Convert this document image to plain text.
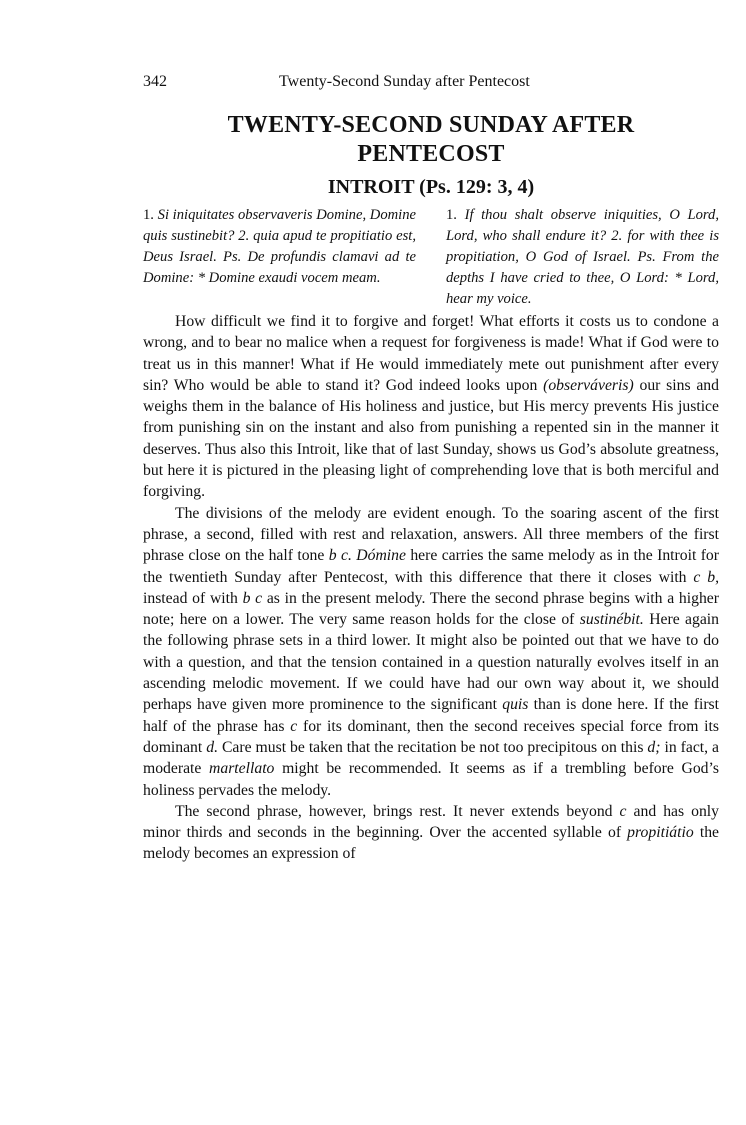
342	Twenty-Second Sunday after Pentecost
TWENTY-SECOND SUNDAY AFTER
PENTECOST
INTROIT (Ps. 129: 3, 4)
1. Si iniquitates observaveris Domine, Domine quis sustinebit? 2. quia apud te propitiatio est, Deus Israel. Ps. De profundis clamavi ad te Domine: * Domine exaudi vocem meam.
1. If thou shalt observe iniquities, O Lord, Lord, who shall endure it? 2. for with thee is propitiation, O God of Israel. Ps. From the depths I have cried to thee, O Lord: * Lord, hear my voice.

How difficult we find it to forgive and forget! What efforts it costs us to condone a wrong, and to bear no malice when a request for forgiveness is made! What if God were to treat us in this manner! What if He would immediately mete out punishment after every sin? Who would be able to stand it? God indeed looks upon (observáveris) our sins and weighs them in the balance of His holiness and justice, but His mercy prevents His justice from punishing sin on the instant and also from punishing a repented sin in the manner it deserves. Thus also this Introit, like that of last Sunday, shows us God’s absolute greatness, but here it is pictured in the pleasing light of comprehending love that is both merciful and forgiving.

The divisions of the melody are evident enough. To the soaring ascent of the first phrase, a second, filled with rest and relaxation, answers. All three members of the first phrase close on the half tone b c. Dómine here carries the same melody as in the Introit for the twentieth Sunday after Pentecost, with this difference that there it closes with c b, instead of with b c as in the present melody. There the second phrase begins with a higher note; here on a lower. The very same reason holds for the close of sustinébit. Here again the following phrase sets in a third lower. It might also be pointed out that we have to do with a question, and that the tension contained in a question naturally evolves itself in an ascending melodic movement. If we could have had our own way about it, we should perhaps have given more prominence to the significant quis than is done here. If the first half of the phrase has c for its dominant, then the second receives special force from its dominant d. Care must be taken that the recitation be not too precipitous on this d; in fact, a moderate martellato might be recommended. It seems as if a trembling before God’s holiness pervades the melody.

The second phrase, however, brings rest. It never extends beyond c and has only minor thirds and seconds in the beginning. Over the accented syllable of propitiátio the melody becomes an expression of
